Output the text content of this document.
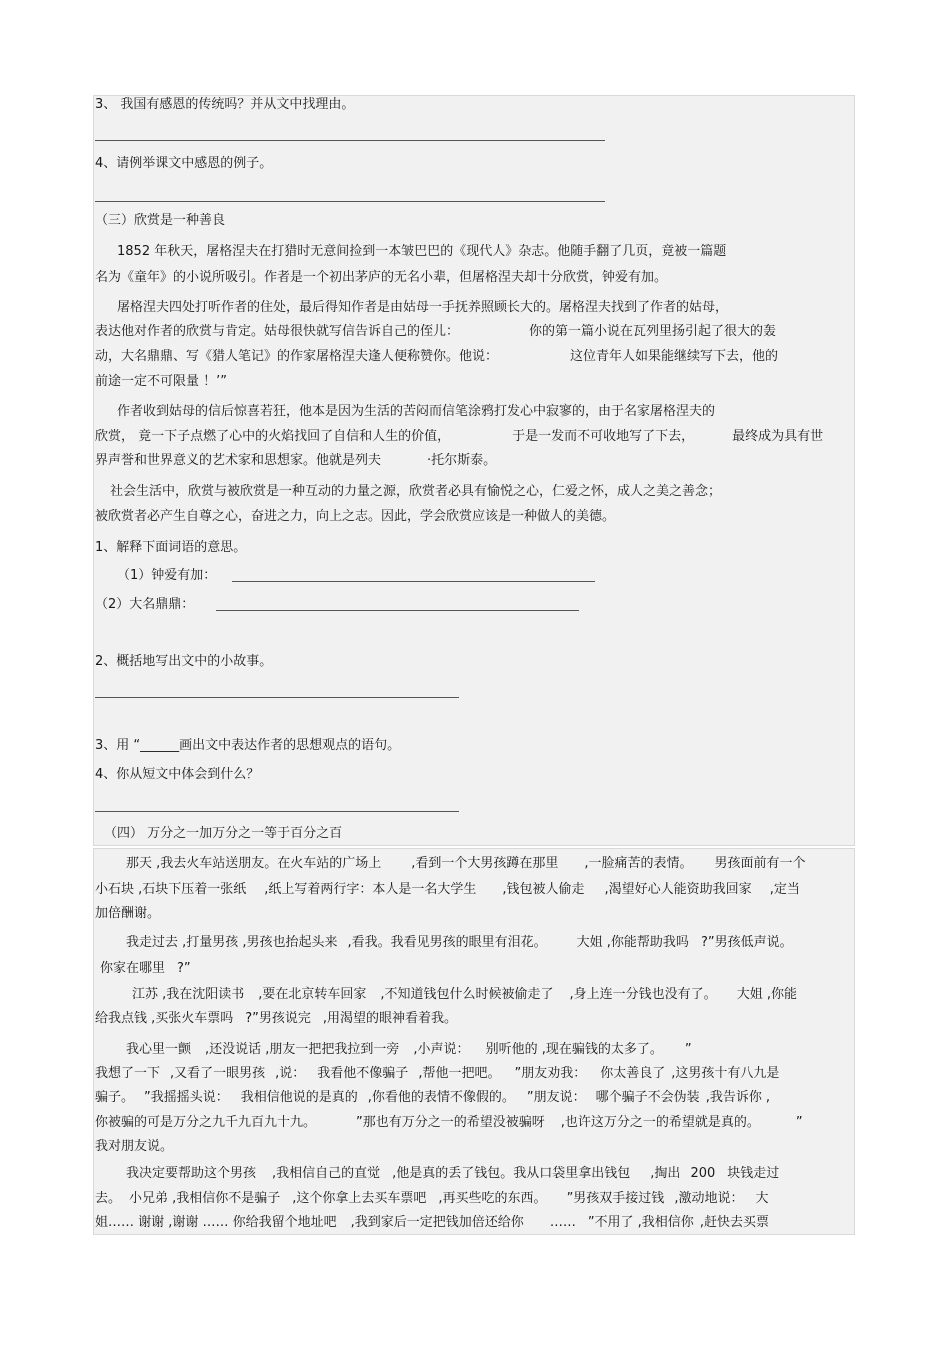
3、 我国有感恩的传统吗？并从文中找理由。
4、请例举课文中感恩的例子。
（三）欣赏是一种善良
1852 年秋天，屠格涅夫在打猎时无意间捡到一本皱巴巴的《现代人》杂志。他随手翻了几页，竟被一篇题
名为《童年》的小说所吸引。作者是一个初出茅庐的无名小辈，但屠格涅夫却十分欣赏，钟爱有加。
屠格涅夫四处打听作者的住处，最后得知作者是由姑母一手抚养照顾长大的。屠格涅夫找到了作者的姑母，
表达他对作者的欣赏与肯定。姑母很快就写信告诉自己的侄儿：	你的第一篇小说在瓦列里扬引起了很大的轰
动，大名鼎鼎、写《猎人笔记》的作家屠格涅夫逢人便称赞你。他说：	这位青年人如果能继续写下去，他的
前途一定不可限量 ！’”
作者收到姑母的信后惊喜若狂，他本是因为生活的苦闷而信笔涂鸦打发心中寂寥的，由于名家屠格涅夫的
欣赏， 竟一下子点燃了心中的火焰找回了自信和人生的价值，	于是一发而不可收地写了下去，	最终成为具有世
界声誉和世界意义的艺术家和思想家。他就是列夫	·托尔斯泰。
社会生活中，欣赏与被欣赏是一种互动的力量之源，欣赏者必具有愉悦之心，仁爱之怀，成人之美之善念；
被欣赏者必产生自尊之心，奋进之力，向上之志。因此，学会欣赏应该是一种做人的美德。
1、解释下面词语的意思。
（1）钟爱有加：
（2）大名鼎鼎：
2、概括地写出文中的小故事。
3、用 “______画出文中表达作者的思想观点的语句。
4、你从短文中体会到什么？
（四） 万分之一加万分之一等于百分之百
那天 ,我去火车站送朋友。在火车站的广场上 ,看到一个大男孩蹲在那里 ,一脸痛苦的表情。 男孩面前有一个
小石块 ,石块下压着一张纸 ,纸上写着两行字：本人是一名大学生 ,钱包被人偷走 ,渴望好心人能资助我回家 ,定当
加倍酬谢。
我走过去 ,打量男孩 ,男孩也抬起头来 ,看我。我看见男孩的眼里有泪花。 大姐 ,你能帮助我吗 ?”男孩低声说。
你家在哪里 ?”
江苏 ,我在沈阳读书 ,要在北京转车回家 ,不知道钱包什么时候被偷走了 ,身上连一分钱也没有了。 大姐 ,你能
给我点钱 ,买张火车票吗 ?”男孩说完 ,用渴望的眼神看着我。
我心里一颤 ,还没说话 ,朋友一把把我拉到一旁 ,小声说： 别听他的 ,现在骗钱的太多了。 ”
我想了一下 ,又看了一眼男孩 ,说： 我看他不像骗子 ,帮他一把吧。 ”朋友劝我： 你太善良了 ,这男孩十有八九是
骗子。 ”我摇摇头说： 我相信他说的是真的 ,你看他的表情不像假的。 ”朋友说： 哪个骗子不会伪装 ,我告诉你 ,
你被骗的可是万分之九千九百九十九。	”那也有万分之一的希望没被骗呀 ,也许这万分之一的希望就是真的。	”
我对朋友说。
我决定要帮助这个男孩 ,我相信自己的直觉 ,他是真的丢了钱包。我从口袋里拿出钱包 ,掏出 200 块钱走过
去。 小兄弟 ,我相信你不是骗子 ,这个你拿上去买车票吧 ,再买些吃的东西。 ”男孩双手接过钱 ,激动地说： 大
姐…… 谢谢 ,谢谢 …… 你给我留个地址吧 ,我到家后一定把钱加倍还给你 …… ”不用了 ,我相信你 ,赶快去买票
